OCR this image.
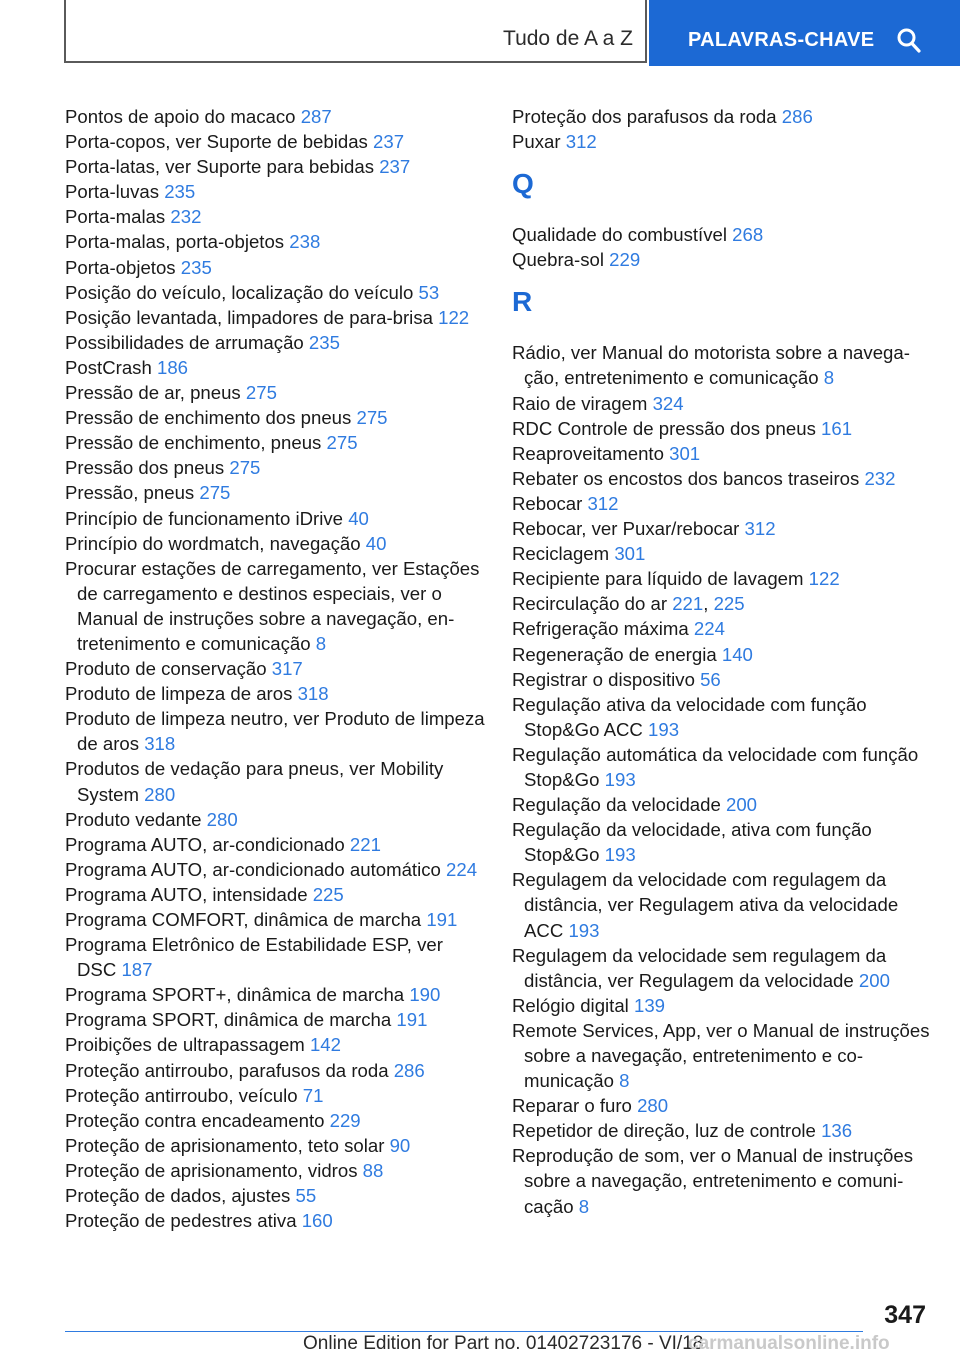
Tudo de A a Z	PALAVRAS-CHAVE
Pontos de apoio do macaco 287
Porta-copos, ver Suporte de bebidas 237
Porta-latas, ver Suporte para bebidas 237
Porta-luvas 235
Porta-malas 232
Porta-malas, porta-objetos 238
Porta-objetos 235
Posição do veículo, localização do veículo 53
Posição levantada, limpadores de para-brisa 122
Possibilidades de arrumação 235
PostCrash 186
Pressão de ar, pneus 275
Pressão de enchimento dos pneus 275
Pressão de enchimento, pneus 275
Pressão dos pneus 275
Pressão, pneus 275
Princípio de funcionamento iDrive 40
Princípio do wordmatch, navegação 40
Procurar estações de carregamento, ver Estações de carregamento e destinos especiais, ver o Manual de instruções sobre a navegação, entretenimento e comunicação 8
Produto de conservação 317
Produto de limpeza de aros 318
Produto de limpeza neutro, ver Produto de limpeza de aros 318
Produtos de vedação para pneus, ver Mobility System 280
Produto vedante 280
Programa AUTO, ar-condicionado 221
Programa AUTO, ar-condicionado automático 224
Programa AUTO, intensidade 225
Programa COMFORT, dinâmica de marcha 191
Programa Eletrônico de Estabilidade ESP, ver DSC 187
Programa SPORT+, dinâmica de marcha 190
Programa SPORT, dinâmica de marcha 191
Proibições de ultrapassagem 142
Proteção antirroubo, parafusos da roda 286
Proteção antirroubo, veículo 71
Proteção contra encadeamento 229
Proteção de aprisionamento, teto solar 90
Proteção de aprisionamento, vidros 88
Proteção de dados, ajustes 55
Proteção de pedestres ativa 160
Proteção dos parafusos da roda 286
Puxar 312
Q
Qualidade do combustível 268
Quebra-sol 229
R
Rádio, ver Manual do motorista sobre a navegação, entretenimento e comunicação 8
Raio de viragem 324
RDC Controle de pressão dos pneus 161
Reaproveitamento 301
Rebater os encostos dos bancos traseiros 232
Rebocar 312
Rebocar, ver Puxar/rebocar 312
Reciclagem 301
Recipiente para líquido de lavagem 122
Recirculação do ar 221, 225
Refrigeração máxima 224
Regeneração de energia 140
Registrar o dispositivo 56
Regulação ativa da velocidade com função Stop&Go ACC 193
Regulação automática da velocidade com função Stop&Go 193
Regulação da velocidade 200
Regulação da velocidade, ativa com função Stop&Go 193
Regulagem da velocidade com regulagem da distância, ver Regulagem ativa da velocidade ACC 193
Regulagem da velocidade sem regulagem da distância, ver Regulagem da velocidade 200
Relógio digital 139
Remote Services, App, ver o Manual de instruções sobre a navegação, entretenimento e comunicação 8
Reparar o furo 280
Repetidor de direção, luz de controle 136
Reprodução de som, ver o Manual de instruções sobre a navegação, entretenimento e comunicação 8
347
Online Edition for Part no. 01402723176 - VI/18
carmanualsonline.info
